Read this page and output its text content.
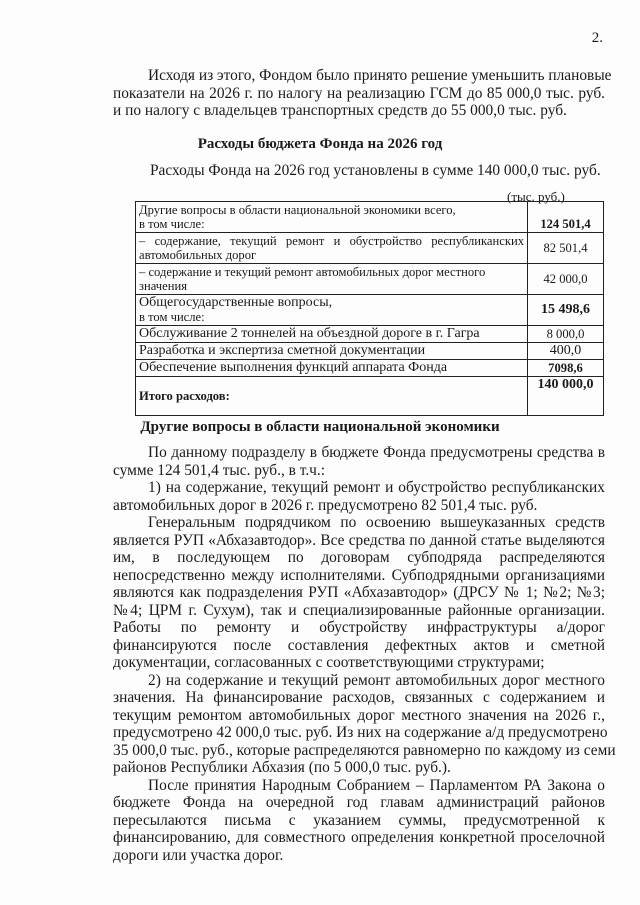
2.
Исходя из этого, Фондом было принято решение уменьшить плановые
показатели на 2026 г. по налогу на реализацию ГСМ до 85 000,0 тыс. руб.
и по налогу с владельцев транспортных средств до 55 000,0 тыс. руб.
Расходы бюджета Фонда на 2026 год
Расходы Фонда на 2026 год установлены в сумме 140 000,0 тыс. руб.
(тыс. руб.)
Другие вопросы в области национальной экономики всего,
в том числе:	124 501,4

– содержание, текущий ремонт и обустройство республиканских
автомобильных дорог	82 501,4

– содержание и текущий ремонт автомобильных дорог местного
значения	42 000,0

Общегосударственные вопросы,
в том числе:	15 498,6
Обслуживание 2 тоннелей на объездной дороге в г. Гагра	8 000,0
Разработка и экспертиза сметной документации	400,0
Обеспечение выполнения функций аппарата Фонда	7098,6
Итого расходов:	140 000,0
Другие вопросы в области национальной экономики
По данному подразделу в бюджете Фонда предусмотрены средства в
сумме 124 501,4 тыс. руб., в т.ч.:
1) на содержание, текущий ремонт и обустройство республиканских
автомобильных дорог в 2026 г. предусмотрено 82 501,4 тыс. руб.
Генеральным подрядчиком по освоению вышеуказанных средств
является РУП «Абхазавтодор». Все средства по данной статье выделяются
им, в последующем по договорам субподряда распределяются
непосредственно между исполнителями. Субподрядными организациями
являются как подразделения РУП «Абхазавтодор» (ДРСУ № 1; №2; №3;
№4; ЦРМ г. Сухум), так и специализированные районные организации.
Работы по ремонту и обустройству инфраструктуры а/дорог
финансируются после составления дефектных актов и сметной
документации, согласованных с соответствующими структурами;
2) на содержание и текущий ремонт автомобильных дорог местного
значения. На финансирование расходов, связанных с содержанием и
текущим ремонтом автомобильных дорог местного значения на 2026 г.,
предусмотрено 42 000,0 тыс. руб. Из них на содержание а/д предусмотрено
35 000,0 тыс. руб., которые распределяются равномерно по каждому из семи
районов Республики Абхазия (по 5 000,0 тыс. руб.).
После принятия Народным Собранием – Парламентом РА Закона о
бюджете Фонда на очередной год главам администраций районов
пересылаются письма с указанием суммы, предусмотренной к
финансированию, для совместного определения конкретной проселочной
дороги или участка дорог.
